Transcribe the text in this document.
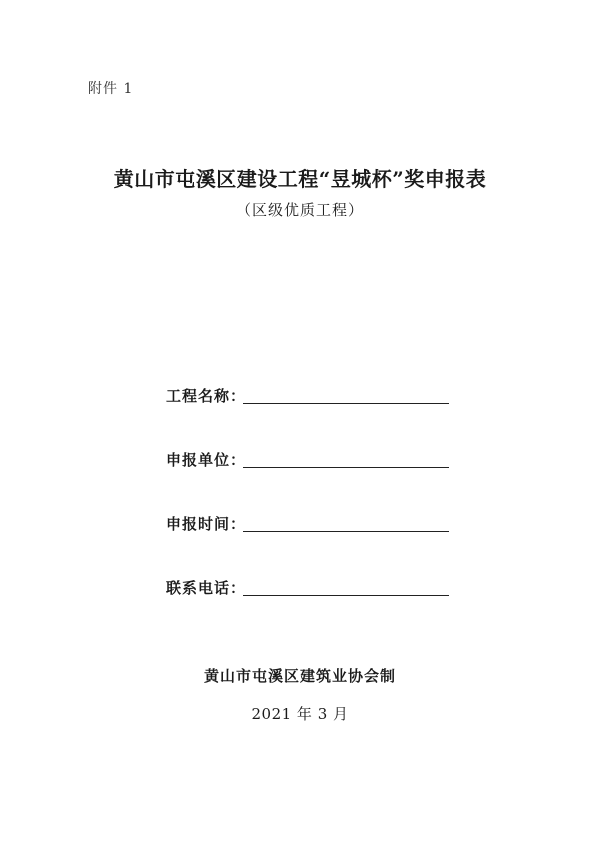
附件 1
黄山市屯溪区建设工程“昱城杯”奖申报表
（区级优质工程）
工程名称：
申报单位：
申报时间：
联系电话：
黄山市屯溪区建筑业协会制
2021 年 3 月
